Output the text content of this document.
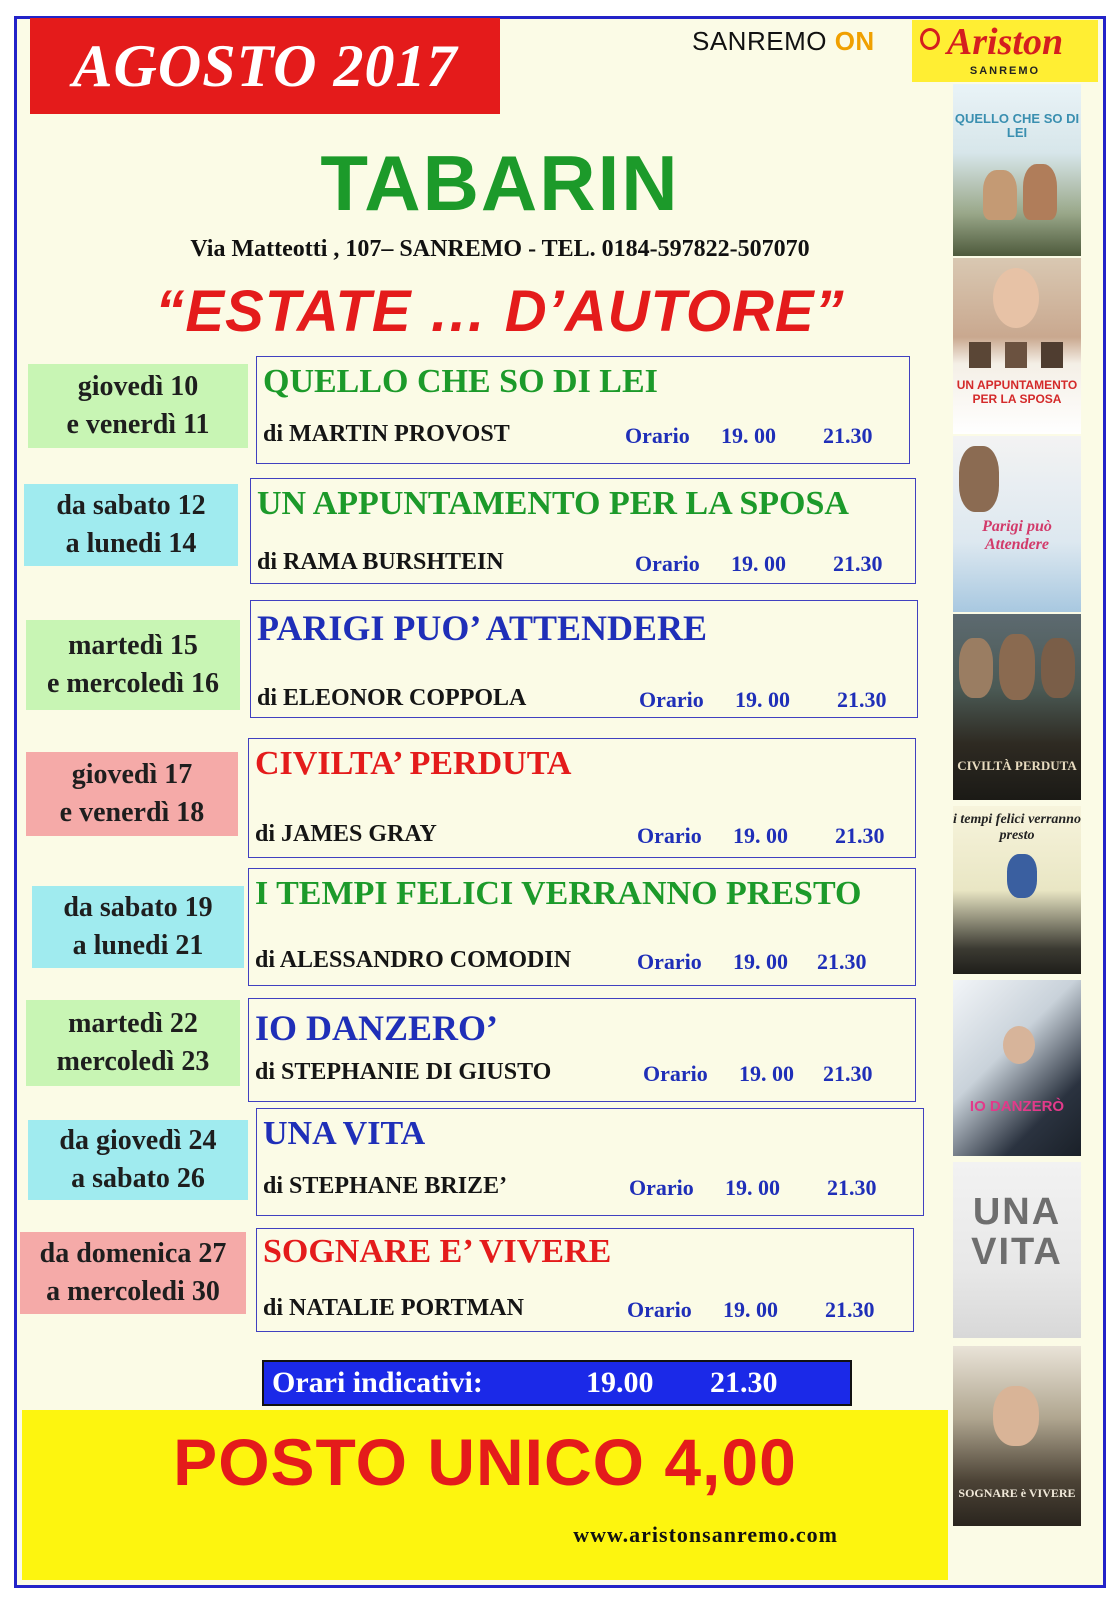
AGOSTO 2017	SANREMO ON	Ariston
SANREMO
TABARIN
Via Matteotti , 107– SANREMO - TEL. 0184-597822-507070
“ESTATE … D’AUTORE”
giovedì 10
e venerdì 11
QUELLO CHE SO DI LEI
di MARTIN PROVOST	Orario 19. 00 21.30
da sabato 12
a lunedi 14
UN APPUNTAMENTO PER LA SPOSA
di RAMA BURSHTEIN	Orario 19. 00 21.30
martedì 15
e mercoledì 16
PARIGI PUO’ ATTENDERE
di ELEONOR COPPOLA	Orario 19. 00 21.30
giovedì 17
e venerdì 18
CIVILTA’ PERDUTA
di JAMES GRAY	Orario 19. 00 21.30
da sabato 19
a lunedi 21
I TEMPI FELICI VERRANNO PRESTO
di ALESSANDRO COMODIN	Orario 19. 00 21.30
martedì 22
mercoledì 23
IO DANZERO’
di STEPHANIE DI GIUSTO	Orario 19. 00 21.30
da giovedì 24
a sabato 26
UNA VITA
di STEPHANE BRIZE’	Orario 19. 00 21.30
da domenica 27
a mercoledi 30
SOGNARE E’ VIVERE
di NATALIE PORTMAN	Orario 19. 00 21.30
Orari indicativi:	19.00 21.30
POSTO UNICO 4,00
www.aristonsanremo.com
QUELLO CHE SO DI LEI
UN APPUNTAMENTO PER LA SPOSA
Parigi può Attendere
CIVILTÀ PERDUTA
i tempi felici verranno presto
IO DANZERÒ
UNA VITA
SOGNARE è VIVERE
